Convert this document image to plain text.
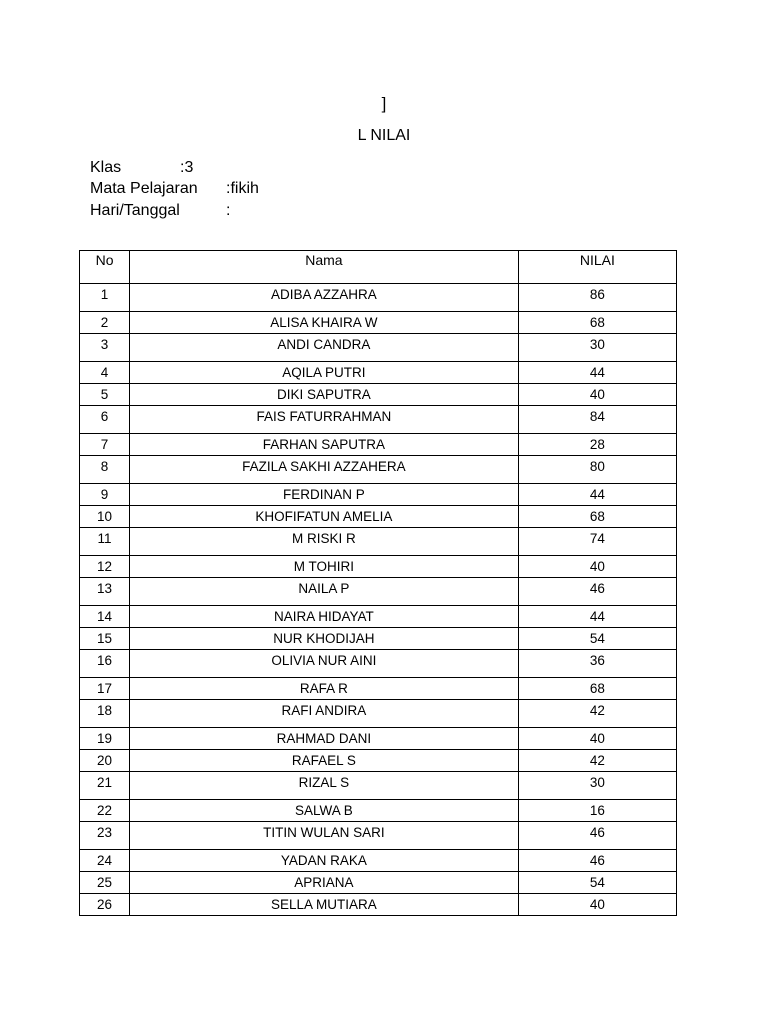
]
L NILAI
Klas	:3
Mata Pelajaran :fikih
Hari/Tanggal	:
No	Nama	NILAI
1	ADIBA AZZAHRA	86
2	ALISA KHAIRA W	68
3	ANDI CANDRA	30
4	AQILA PUTRI	44
5	DIKI SAPUTRA	40
6	FAIS FATURRAHMAN	84
7	FARHAN SAPUTRA	28
8	FAZILA SAKHI AZZAHERA	80
9	FERDINAN P	44
10	KHOFIFATUN AMELIA	68
11	M RISKI R	74
12	M TOHIRI	40
13	NAILA P	46
14	NAIRA HIDAYAT	44
15	NUR KHODIJAH	54
16	OLIVIA NUR AINI	36
17	RAFA R	68
18	RAFI ANDIRA	42
19	RAHMAD DANI	40
20	RAFAEL S	42
21	RIZAL S	30
22	SALWA B	16
23	TITIN WULAN SARI	46
24	YADAN RAKA	46
25	APRIANA	54
26	SELLA MUTIARA	40
